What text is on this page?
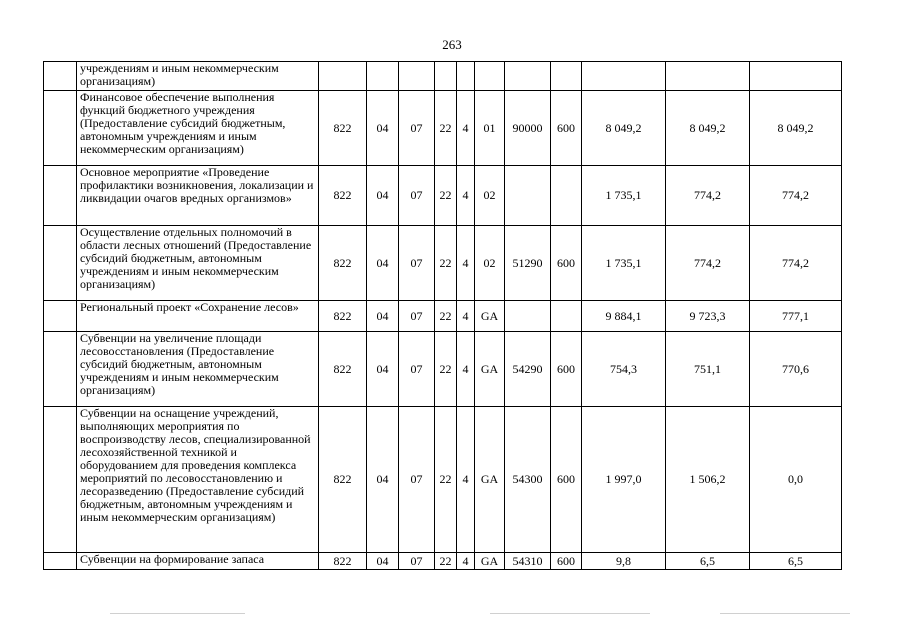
263
	учреждениям и иным некоммерческим организациям)											
	Финансовое обеспечение выполнения функций бюджетного учреждения (Предоставление субсидий бюджетным, автономным учреждениям и иным некоммерческим организациям)	822	04	07	22	4	01	90000	600	8 049,2	8 049,2	8 049,2
	Основное мероприятие «Проведение профилактики возникновения, локализации и ликвидации очагов вредных организмов»	822	04	07	22	4	02			1 735,1	774,2	774,2
	Осуществление отдельных полномочий в области лесных отношений (Предоставление субсидий бюджетным, автономным учреждениям и иным некоммерческим организациям)	822	04	07	22	4	02	51290	600	1 735,1	774,2	774,2
	Региональный проект «Сохранение лесов»	822	04	07	22	4	GA			9 884,1	9 723,3	777,1
	Субвенции на увеличение площади лесовосстановления (Предоставление субсидий бюджетным, автономным учреждениям и иным некоммерческим организациям)	822	04	07	22	4	GA	54290	600	754,3	751,1	770,6
	Субвенции на оснащение учреждений, выполняющих мероприятия по воспроизводству лесов, специализированной лесохозяйственной техникой и оборудованием для проведения комплекса мероприятий по лесовосстановлению и лесоразведению (Предоставление субсидий бюджетным, автономным учреждениям и иным некоммерческим организациям)	822	04	07	22	4	GA	54300	600	1 997,0	1 506,2	0,0
	Субвенции на формирование запаса	822	04	07	22	4	GA	54310	600	9,8	6,5	6,5
